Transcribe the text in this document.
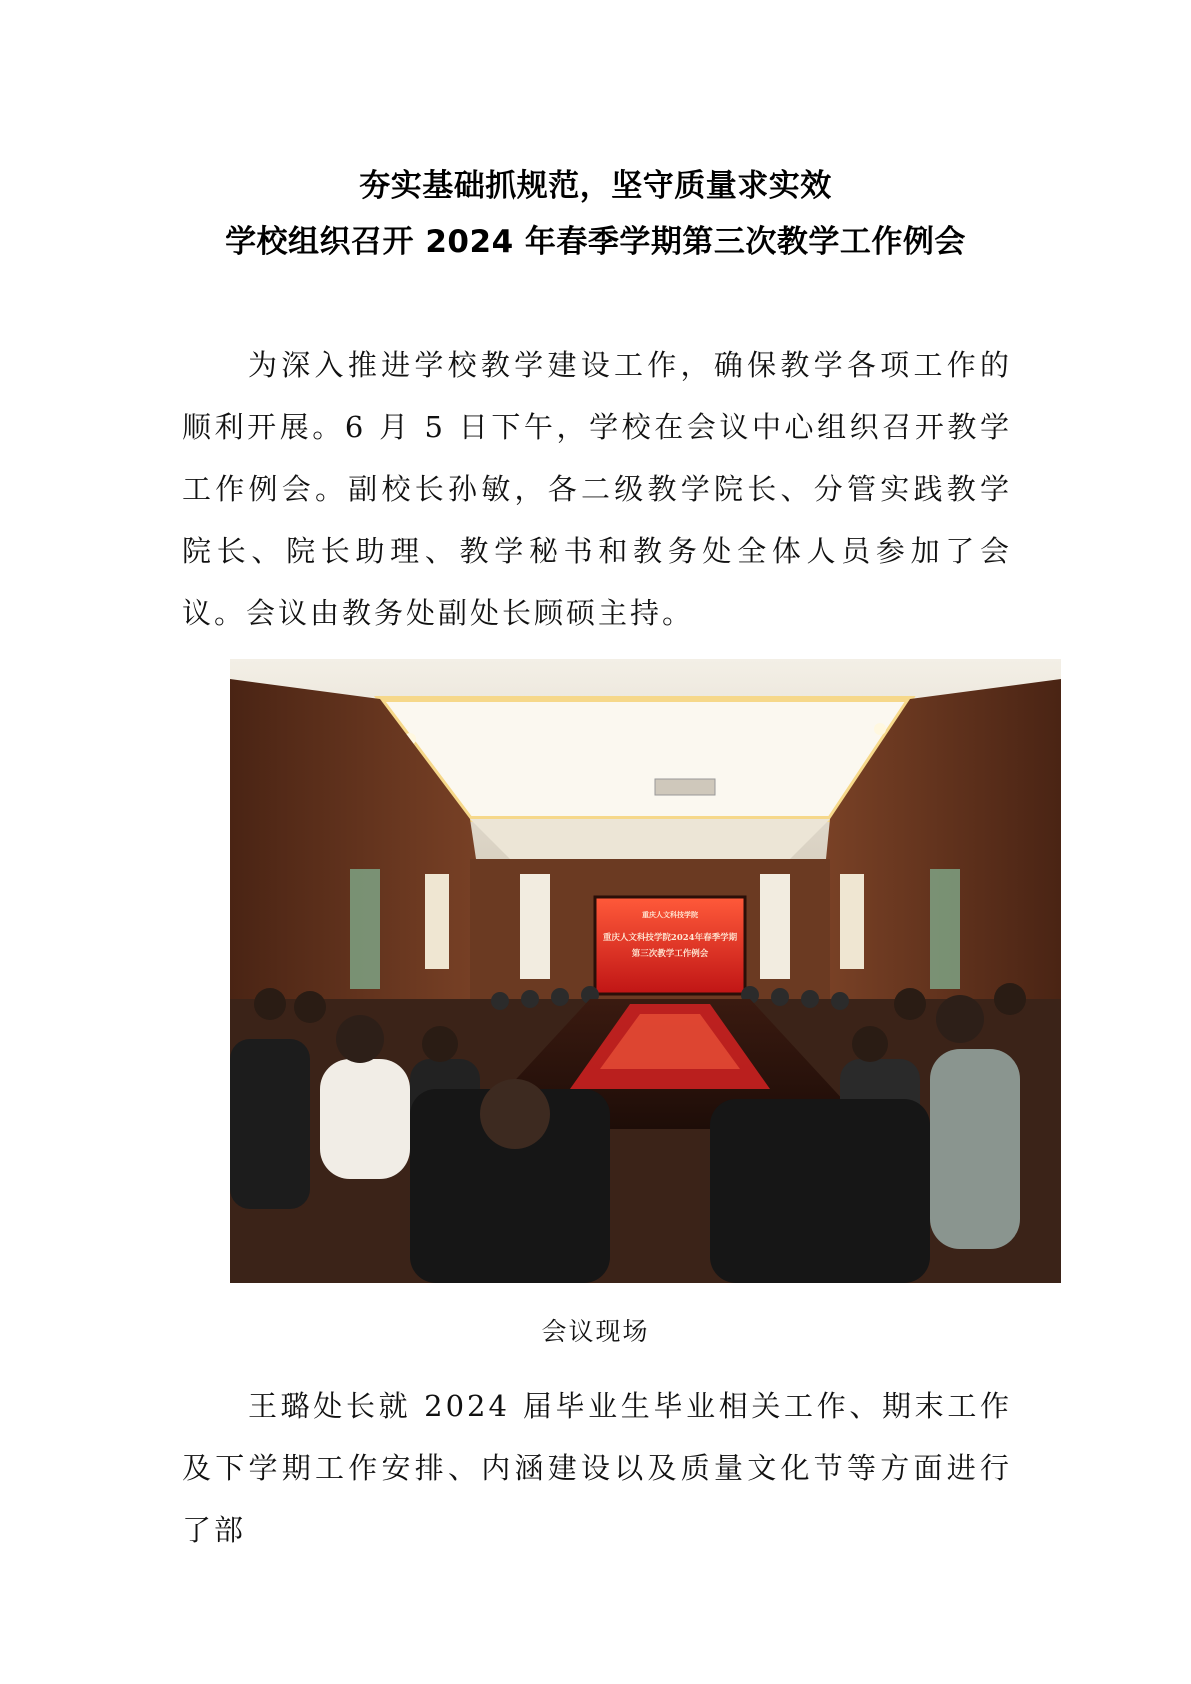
夯实基础抓规范，坚守质量求实效
学校组织召开 2024 年春季学期第三次教学工作例会

为深入推进学校教学建设工作，确保教学各项工作的顺利开展。6 月 5 日下午，学校在会议中心组织召开教学工作例会。副校长孙敏，各二级教学院长、分管实践教学院长、院长助理、教学秘书和教务处全体人员参加了会议。会议由教务处副处长顾硕主持。

重庆人文科技学院
重庆人文科技学院2024年春季学期
第三次教学工作例会
会议现场

王璐处长就 2024 届毕业生毕业相关工作、期末工作及下学期工作安排、内涵建设以及质量文化节等方面进行了部
